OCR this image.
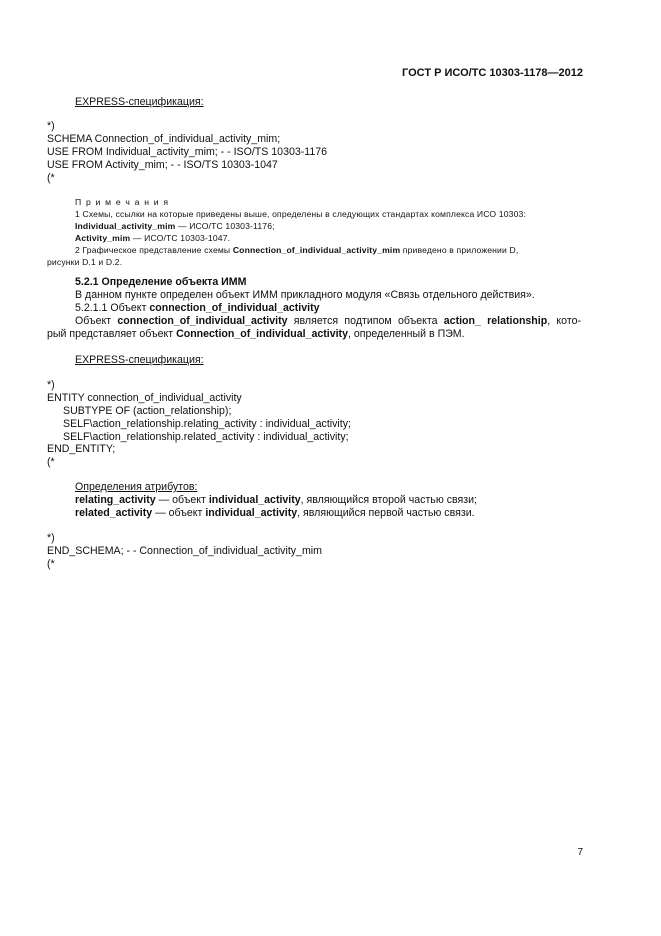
ГОСТ Р ИСО/ТС 10303-1178—2012
EXPRESS-спецификация:
*)
SCHEMA Connection_of_individual_activity_mim;
USE FROM Individual_activity_mim; - - ISO/TS 10303-1176
USE FROM Activity_mim; - - ISO/TS 10303-1047
(*
П р и м е ч а н и я
1 Схемы, ссылки на которые приведены выше, определены в следующих стандартах комплекса ИСО 10303:
Individual_activity_mim — ИСО/ТС 10303-1176;
Activity_mim — ИСО/ТС 10303-1047.
2 Графическое представление схемы Connection_of_individual_activity_mim приведено в приложении D,
рисунки D.1 и D.2.
5.2.1 Определение объекта ИММ
В данном пункте определен объект ИММ прикладного модуля «Связь отдельного действия».
5.2.1.1 Объект connection_of_individual_activity
Объект connection_of_individual_activity является подтипом объекта action_ relationship, кото-
рый представляет объект Connection_of_individual_activity, определенный в ПЭМ.
EXPRESS-спецификация:
*)
ENTITY connection_of_individual_activity
SUBTYPE OF (action_relationship);
SELF\action_relationship.relating_activity : individual_activity;
SELF\action_relationship.related_activity : individual_activity;
END_ENTITY;
(*
Определения атрибутов:
relating_activity — объект individual_activity, являющийся второй частью связи;
related_activity — объект individual_activity, являющийся первой частью связи.
*)
END_SCHEMA; - - Connection_of_individual_activity_mim
(*
7
